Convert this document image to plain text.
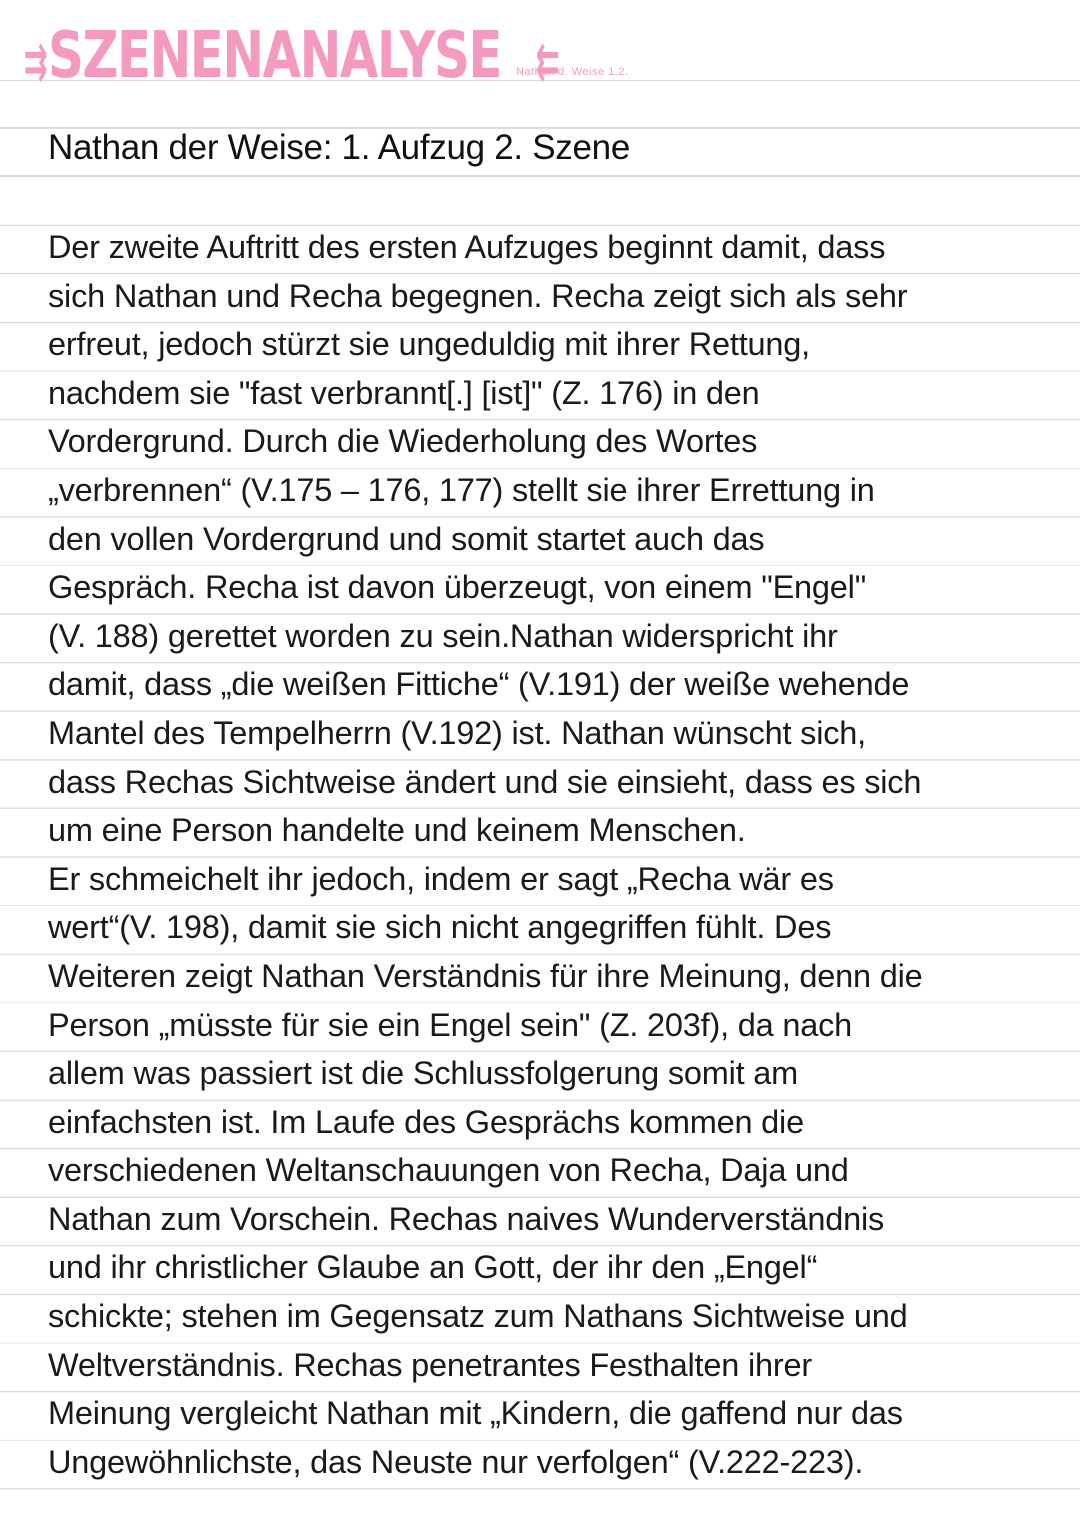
⇉ SZENENANALYSE ⇇
Nathan d. Weise 1.2.
Nathan der Weise: 1. Aufzug 2. Szene
Der zweite Auftritt des ersten Aufzuges beginnt damit, dass
sich Nathan und Recha begegnen. Recha zeigt sich als sehr
erfreut, jedoch stürzt sie ungeduldig mit ihrer Rettung,
nachdem sie "fast verbrannt[.] [ist]" (Z. 176) in den
Vordergrund. Durch die Wiederholung des Wortes
„verbrennen“ (V.175 – 176, 177) stellt sie ihrer Errettung in
den vollen Vordergrund und somit startet auch das
Gespräch. Recha ist davon überzeugt, von einem "Engel"
(V. 188) gerettet worden zu sein.Nathan widerspricht ihr
damit, dass „die weißen Fittiche“ (V.191) der weiße wehende
Mantel des Tempelherrn (V.192) ist. Nathan wünscht sich,
dass Rechas Sichtweise ändert und sie einsieht, dass es sich
um eine Person handelte und keinem Menschen.
Er schmeichelt ihr jedoch, indem er sagt „Recha wär es
wert“(V. 198), damit sie sich nicht angegriffen fühlt. Des
Weiteren zeigt Nathan Verständnis für ihre Meinung, denn die
Person „müsste für sie ein Engel sein" (Z. 203f), da nach
allem was passiert ist die Schlussfolgerung somit am
einfachsten ist. Im Laufe des Gesprächs kommen die
verschiedenen Weltanschauungen von Recha, Daja und
Nathan zum Vorschein. Rechas naives Wunderverständnis
und ihr christlicher Glaube an Gott, der ihr den „Engel“
schickte; stehen im Gegensatz zum Nathans Sichtweise und
Weltverständnis. Rechas penetrantes Festhalten ihrer
Meinung vergleicht Nathan mit „Kindern, die gaffend nur das
Ungewöhnlichste, das Neuste nur verfolgen“ (V.222-223).
